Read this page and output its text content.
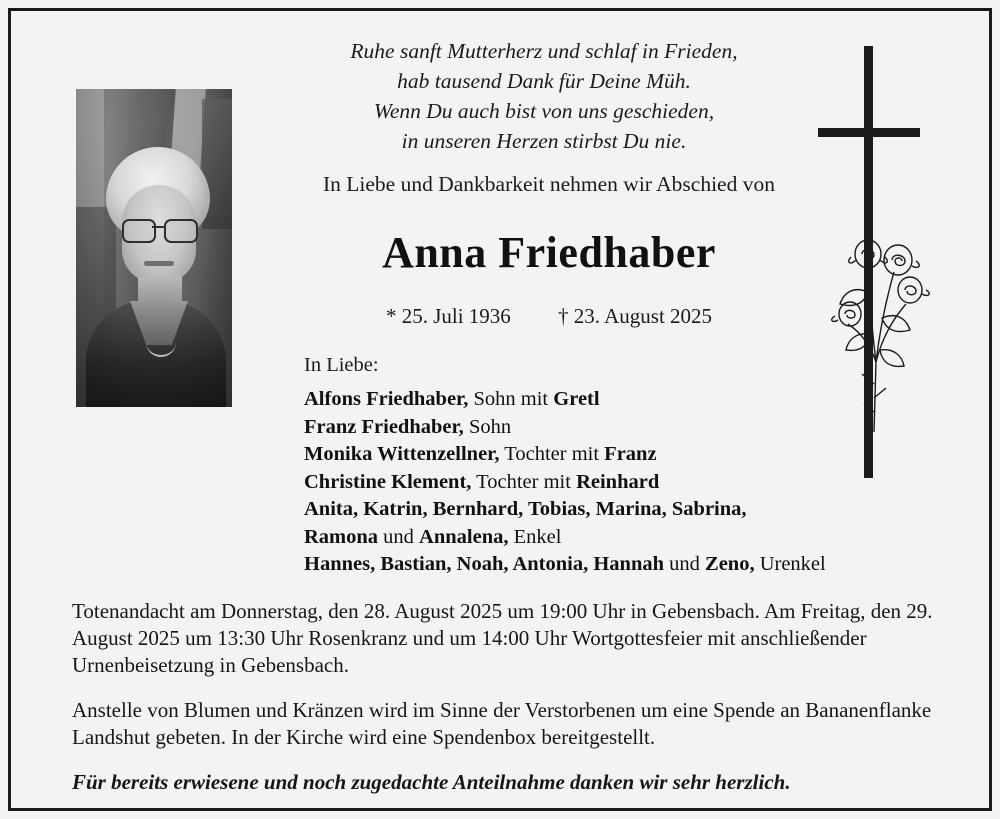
Ruhe sanft Mutterherz und schlaf in Frieden,
hab tausend Dank für Deine Müh.
Wenn Du auch bist von uns geschieden,
in unseren Herzen stirbst Du nie.
In Liebe und Dankbarkeit nehmen wir Abschied von
Anna Friedhaber
* 25. Juli 1936 † 23. August 2025
In Liebe:
Alfons Friedhaber, Sohn mit Gretl
Franz Friedhaber, Sohn
Monika Wittenzellner, Tochter mit Franz
Christine Klement, Tochter mit Reinhard
Anita, Katrin, Bernhard, Tobias, Marina, Sabrina,
Ramona und Annalena, Enkel
Hannes, Bastian, Noah, Antonia, Hannah und Zeno, Urenkel
Totenandacht am Donnerstag, den 28. August 2025 um 19:00 Uhr in Gebensbach. Am Freitag, den 29. August 2025 um 13:30 Uhr Rosenkranz und um 14:00 Uhr Wortgottesfeier mit anschließender Urnenbeisetzung in Gebensbach.
Anstelle von Blumen und Kränzen wird im Sinne der Verstorbenen um eine Spende an Bananenflanke Landshut gebeten. In der Kirche wird eine Spendenbox bereitgestellt.
Für bereits erwiesene und noch zugedachte Anteilnahme danken wir sehr herzlich.
